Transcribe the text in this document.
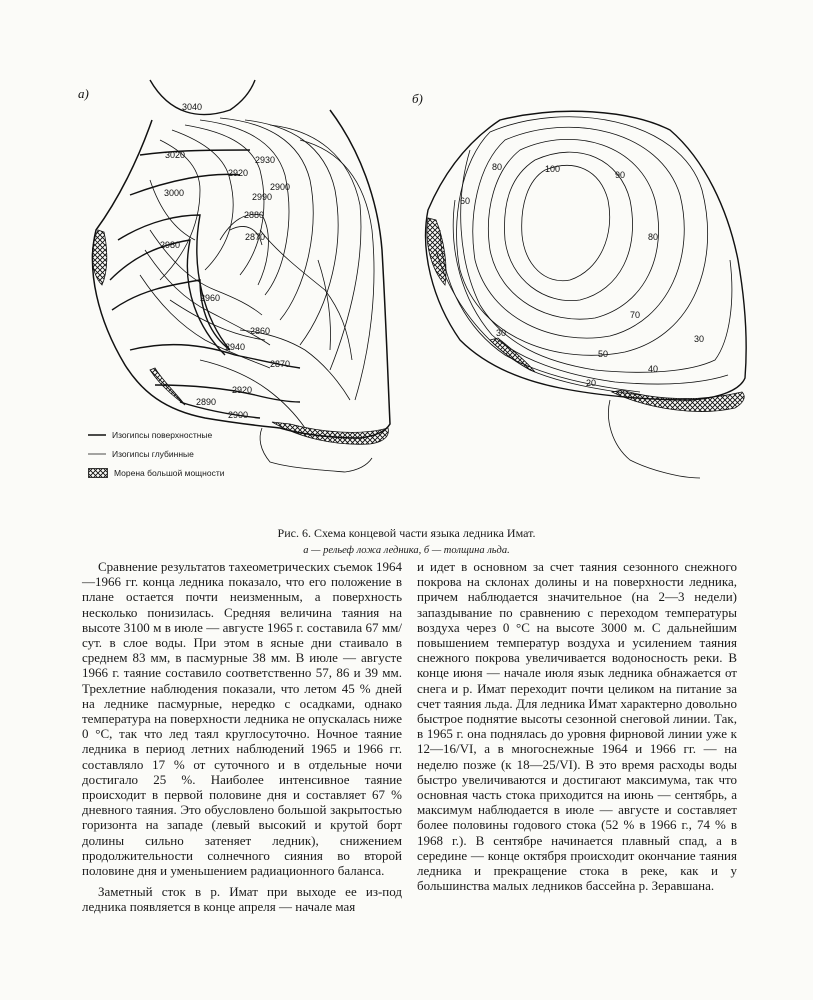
а)
3040
3020
3000
2980
2960
2940
2920
2900
2930
2920
2900
2990
2880
2870
2860
2870
2890
б)
100
90
80
80
70
60
50
40
30
30
20
Изогипсы поверхностные
Изогипсы глубинные
Морена большой мощности
Рис. 6. Схема концевой части языка ледника Имат.
а — рельеф ложа ледника, б — толщина льда.

Сравнение результатов тахеометрических съемок 1964—1966 гг. конца ледника показало, что его положение в плане остается почти неизменным, а поверхность несколько понизилась. Средняя величина таяния на высоте 3100 м в июле — августе 1965 г. составила 67 мм/сут. в слое воды. При этом в ясные дни стаивало в среднем 83 мм, в пасмурные 38 мм. В июле — августе 1966 г. таяние составило соответственно 57, 86 и 39 мм. Трехлетние наблюдения показали, что летом 45 % дней на леднике пасмурные, нередко с осадками, однако температура на поверхности ледника не опускалась ниже 0 °С, так что лед таял круглосуточно. Ночное таяние ледника в период летних наблюдений 1965 и 1966 гг. составляло 17 % от суточного и в отдельные ночи достигало 25 %. Наиболее интенсивное таяние происходит в первой половине дня и составляет 67 % дневного таяния. Это обусловлено большой закрытостью горизонта на западе (левый высокий и крутой борт долины сильно затеняет ледник), снижением продолжительности солнечного сияния во второй половине дня и уменьшением радиационного баланса.

Заметный сток в р. Имат при выходе ее из-под ледника появляется в конце апреля — начале мая

и идет в основном за счет таяния сезонного снежного покрова на склонах долины и на поверхности ледника, причем наблюдается значительное (на 2—3 недели) запаздывание по сравнению с переходом температуры воздуха через 0 °С на высоте 3000 м. С дальнейшим повышением температур воздуха и усилением таяния снежного покрова увеличивается водоносность реки. В конце июня — начале июля язык ледника обнажается от снега и р. Имат переходит почти целиком на питание за счет таяния льда. Для ледника Имат характерно довольно быстрое поднятие высоты сезонной снеговой линии. Так, в 1965 г. она поднялась до уровня фирновой линии уже к 12—16/VI, а в многоснежные 1964 и 1966 гг. — на неделю позже (к 18—25/VI). В это время расходы воды быстро увеличиваются и достигают максимума, так что основная часть стока приходится на июнь — сентябрь, а максимум наблюдается в июле — августе и составляет более половины годового стока (52 % в 1966 г., 74 % в 1968 г.). В сентябре начинается плавный спад, а в середине — конце октября происходит окончание таяния ледника и прекращение стока в реке, как и у большинства малых ледников бассейна р. Зеравшана.
